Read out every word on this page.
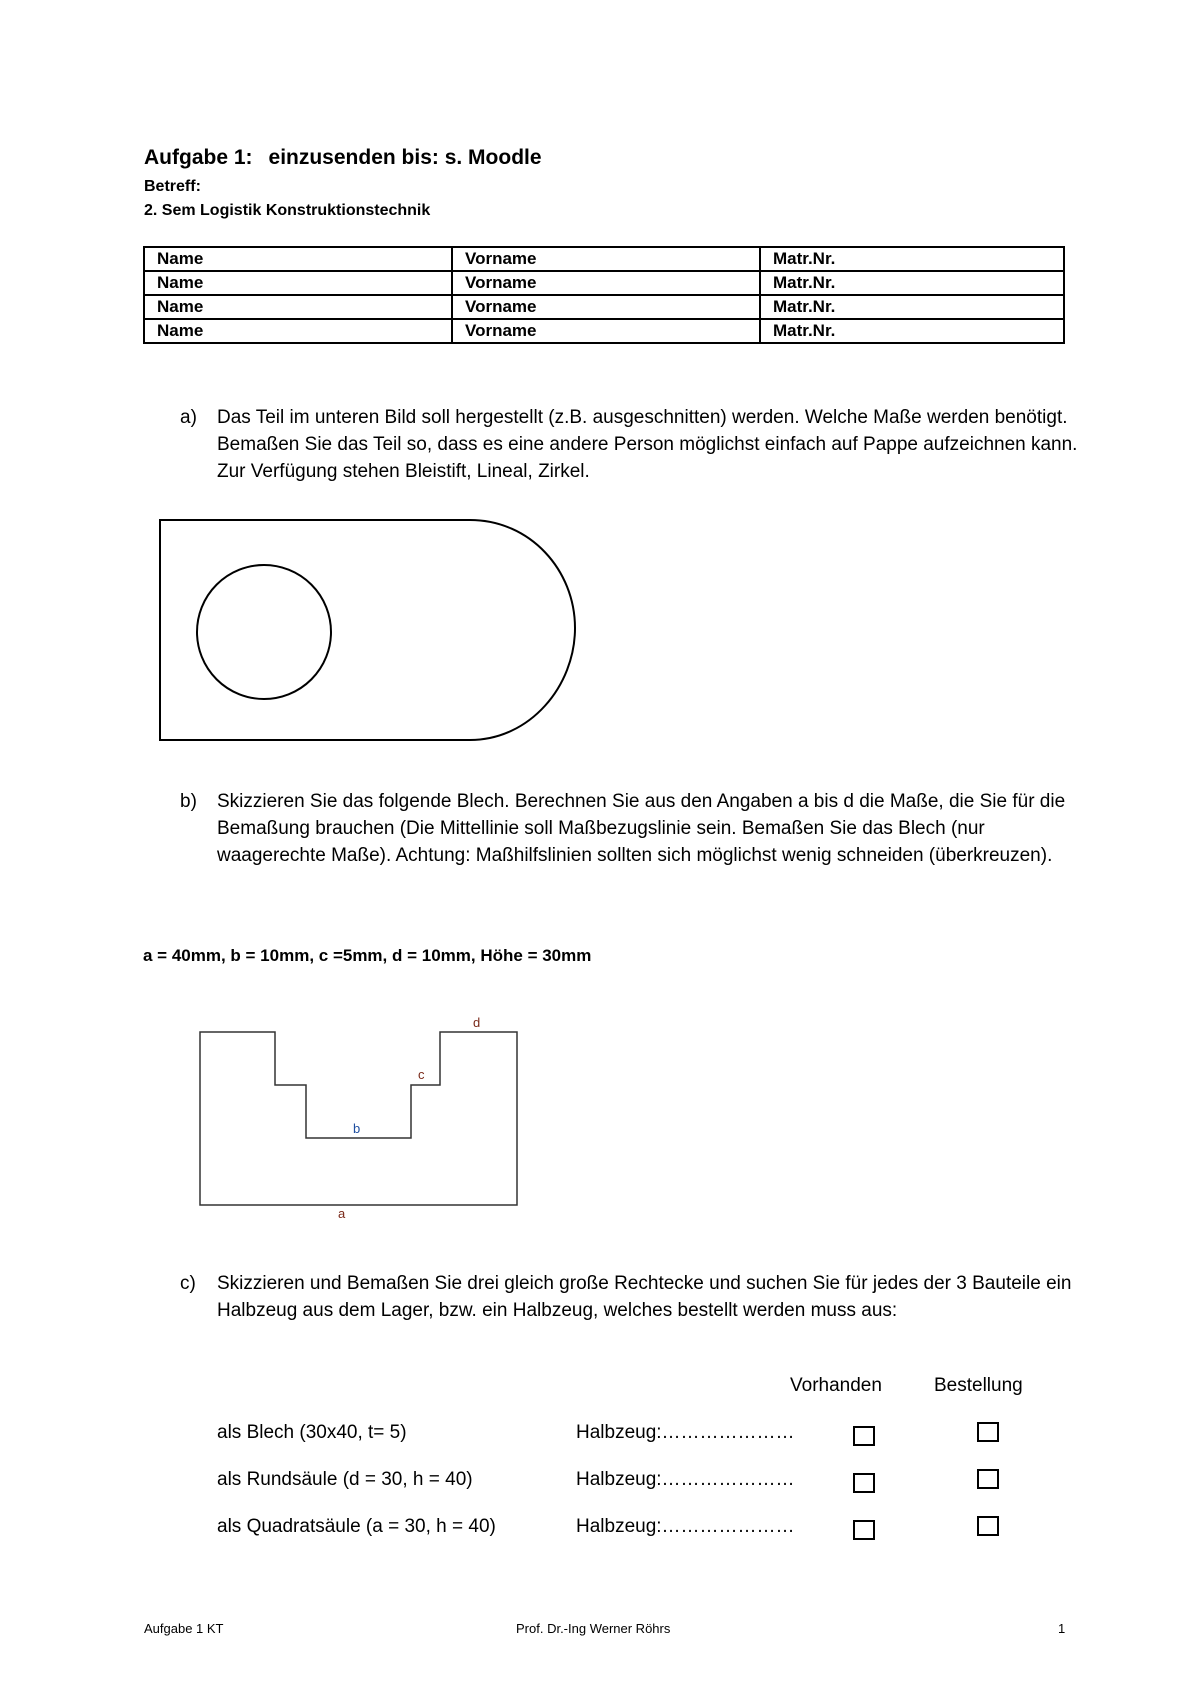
Aufgabe 1: einzusenden bis: s. Moodle
Betreff:
2. Sem Logistik Konstruktionstechnik
Name	Vorname	Matr.Nr.
Name	Vorname	Matr.Nr.
Name	Vorname	Matr.Nr.
Name	Vorname	Matr.Nr.
a) Das Teil im unteren Bild soll hergestellt (z.B. ausgeschnitten) werden. Welche Maße werden benötigt. Bemaßen Sie das Teil so, dass es eine andere Person möglichst einfach auf Pappe aufzeichnen kann. Zur Verfügung stehen Bleistift, Lineal, Zirkel.
b) Skizzieren Sie das folgende Blech. Berechnen Sie aus den Angaben a bis d die Maße, die Sie für die Bemaßung brauchen (Die Mittellinie soll Maßbezugslinie sein. Bemaßen Sie das Blech (nur waagerechte Maße). Achtung: Maßhilfslinien sollten sich möglichst wenig schneiden (überkreuzen).
a = 40mm, b = 10mm, c =5mm, d = 10mm, Höhe = 30mm
d
c
b
a
c) Skizzieren und Bemaßen Sie drei gleich große Rechtecke und suchen Sie für jedes der 3 Bauteile ein Halbzeug aus dem Lager, bzw. ein Halbzeug, welches bestellt werden muss aus:
Vorhanden	Bestellung
als Blech (30x40, t= 5)	Halbzeug:…………………
als Rundsäule (d = 30, h = 40)	Halbzeug:…………………
als Quadratsäule (a = 30, h = 40)	Halbzeug:…………………
Aufgabe 1 KT	Prof. Dr.-Ing Werner Röhrs	1
